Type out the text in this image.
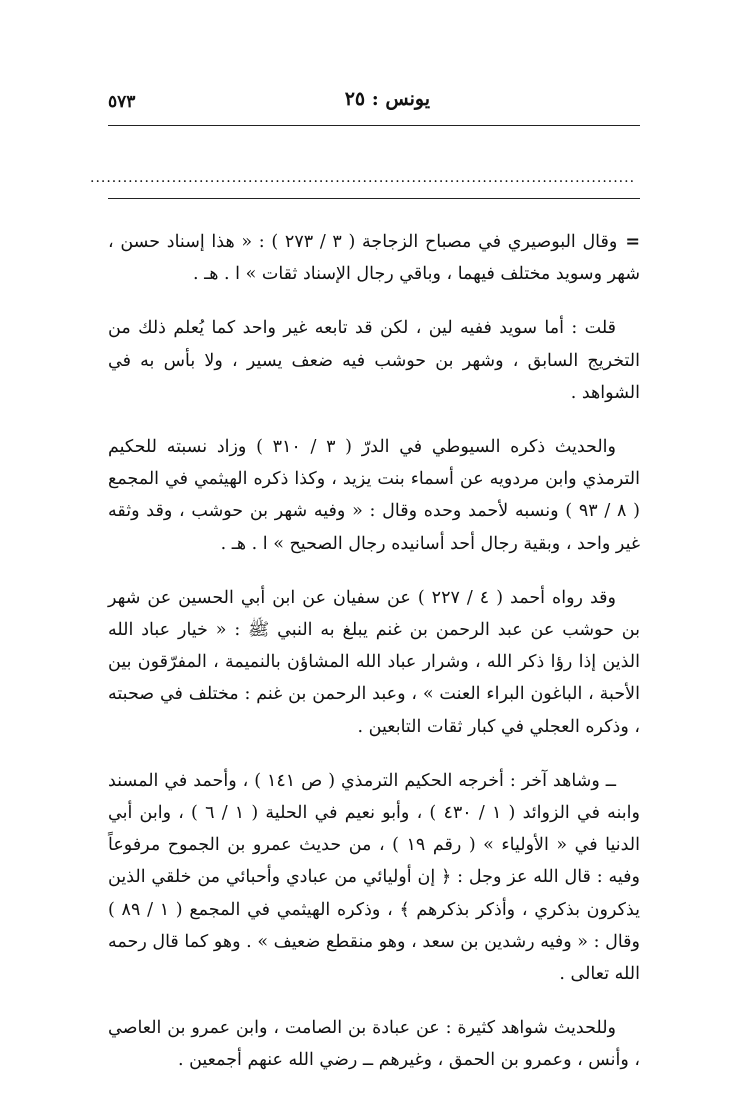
يونس : ٢٥
٥٧٣
....................................................................................................

=وقال البوصيري في مصباح الزجاجة ( ٣ / ٢٧٣ ) : « هذا إسناد حسن ، شهر وسويد مختلف فيهما ، وباقي رجال الإسناد ثقات » ا . هـ .

قلت : أما سويد ففيه لين ، لكن قد تابعه غير واحد كما يُعلم ذلك من التخريج السابق ، وشهر بن حوشب فيه ضعف يسير ، ولا بأس به في الشواهد .

والحديث ذكره السيوطي في الدرّ ( ٣ / ٣١٠ ) وزاد نسبته للحكيم الترمذي وابن مردويه عن أسماء بنت يزيد ، وكذا ذكره الهيثمي في المجمع ( ٨ / ٩٣ ) ونسبه لأحمد وحده وقال : « وفيه شهر بن حوشب ، وقد وثقه غير واحد ، وبقية رجال أحد أسانيده رجال الصحيح » ا . هـ .

وقد رواه أحمد ( ٤ / ٢٢٧ ) عن سفيان عن ابن أبي الحسين عن شهر بن حوشب عن عبد الرحمن بن غنم يبلغ به النبي ﷺ : « خيار عباد الله الذين إذا رؤا ذكر الله ، وشرار عباد الله المشاؤن بالنميمة ، المفرّقون بين الأحبة ، الباغون البراء العنت » ، وعبد الرحمن بن غنم : مختلف في صحبته ، وذكره العجلي في كبار ثقات التابعين .

ــ وشاهد آخر : أخرجه الحكيم الترمذي ( ص ١٤١ ) ، وأحمد في المسند وابنه في الزوائد ( ١ / ٤٣٠ ) ، وأبو نعيم في الحلية ( ١ / ٦ ) ، وابن أبي الدنيا في « الأولياء » ( رقم ١٩ ) ، من حديث عمرو بن الجموح مرفوعاً وفيه : قال الله عز وجل : ﴿ إن أوليائي من عبادي وأحبائي من خلقي الذين يذكرون بذكري ، وأذكر بذكرهم ﴾ ، وذكره الهيثمي في المجمع ( ١ / ٨٩ ) وقال : « وفيه رشدين بن سعد ، وهو منقطع ضعيف » . وهو كما قال رحمه الله تعالى .

وللحديث شواهد كثيرة : عن عبادة بن الصامت ، وابن عمرو بن العاصي ، وأنس ، وعمرو بن الحمق ، وغيرهم ــ رضي الله عنهم أجمعين .
